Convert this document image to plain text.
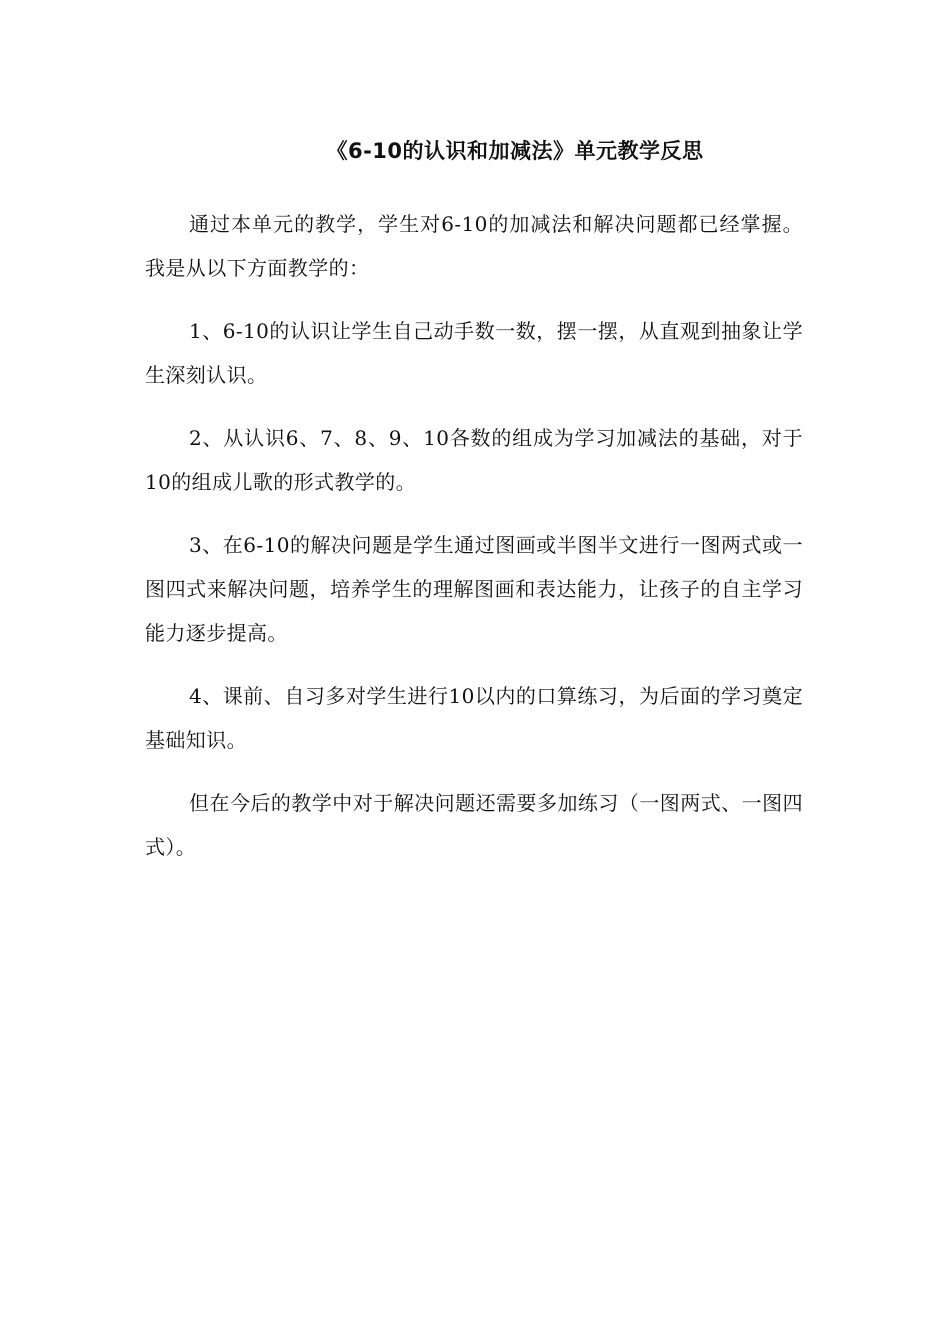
《6-10的认识和加减法》单元教学反思

通过本单元的教学，学生对6-10的加减法和解决问题都已经掌握。我是从以下方面教学的：

1、6-10的认识让学生自己动手数一数，摆一摆，从直观到抽象让学生深刻认识。

2、从认识6、7、8、9、10各数的组成为学习加减法的基础，对于10的组成儿歌的形式教学的。

3、在6-10的解决问题是学生通过图画或半图半文进行一图两式或一图四式来解决问题，培养学生的理解图画和表达能力，让孩子的自主学习能力逐步提高。

4、课前、自习多对学生进行10以内的口算练习，为后面的学习奠定基础知识。

但在今后的教学中对于解决问题还需要多加练习（一图两式、一图四式）。
